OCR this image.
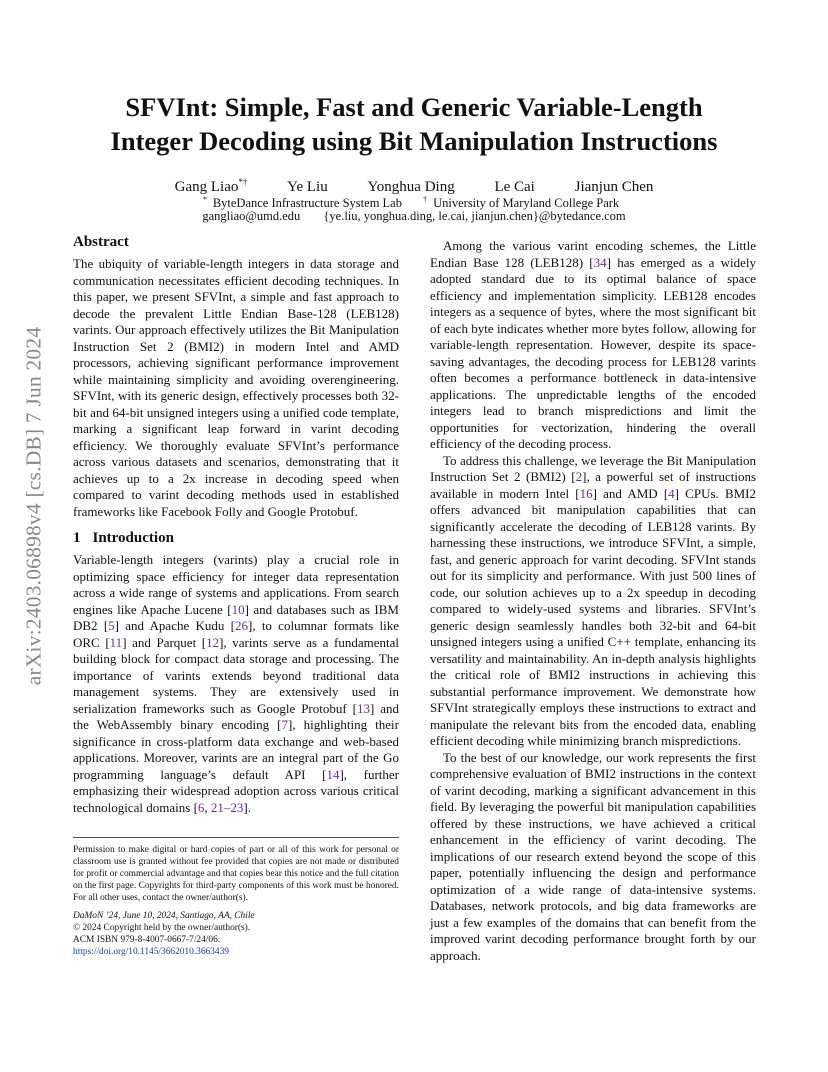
SFVInt: Simple, Fast and Generic Variable-Length
Integer Decoding using Bit Manipulation Instructions
Gang Liao*†	Ye Liu	Yonghua Ding	Le Cai	Jianjun Chen
* ByteDance Infrastructure System Lab	† University of Maryland College Park
gangliao@umd.edu {ye.liu, yonghua.ding, le.cai, jianjun.chen}@bytedance.com
arXiv:2403.06898v4 [cs.DB] 7 Jun 2024
Abstract

The ubiquity of variable-length integers in data storage and communication necessitates efficient decoding techniques. In this paper, we present SFVInt, a simple and fast approach to decode the prevalent Little Endian Base-128 (LEB128) varints. Our approach effectively utilizes the Bit Manipulation Instruction Set 2 (BMI2) in modern Intel and AMD processors, achieving significant performance improvement while maintaining simplicity and avoiding overengineering. SFVInt, with its generic design, effectively processes both 32-bit and 64-bit unsigned integers using a unified code template, marking a significant leap forward in varint decoding efficiency. We thoroughly evaluate SFVInt’s performance across various datasets and scenarios, demonstrating that it achieves up to a 2x increase in decoding speed when compared to varint decoding methods used in established frameworks like Facebook Folly and Google Protobuf.

1 Introduction

Variable-length integers (varints) play a crucial role in optimizing space efficiency for integer data representation across a wide range of systems and applications. From search engines like Apache Lucene [10] and databases such as IBM DB2 [5] and Apache Kudu [26], to columnar formats like ORC [11] and Parquet [12], varints serve as a fundamental building block for compact data storage and processing. The importance of varints extends beyond traditional data management systems. They are extensively used in serialization frameworks such as Google Protobuf [13] and the WebAssembly binary encoding [7], highlighting their significance in cross-platform data exchange and web-based applications. Moreover, varints are an integral part of the Go programming language’s default API [14], further emphasizing their widespread adoption across various critical technological domains [6, 21–23].

Permission to make digital or hard copies of part or all of this work for personal or classroom use is granted without fee provided that copies are not made or distributed for profit or commercial advantage and that copies bear this notice and the full citation on the first page. Copyrights for third-party components of this work must be honored. For all other uses, contact the owner/author(s).
DaMoN ’24, June 10, 2024, Santiago, AA, Chile
© 2024 Copyright held by the owner/author(s).
ACM ISBN 979-8-4007-0667-7/24/06.
https://doi.org/10.1145/3662010.3663439

Among the various varint encoding schemes, the Little Endian Base 128 (LEB128) [34] has emerged as a widely adopted standard due to its optimal balance of space efficiency and implementation simplicity. LEB128 encodes integers as a sequence of bytes, where the most significant bit of each byte indicates whether more bytes follow, allowing for variable-length representation. However, despite its space-saving advantages, the decoding process for LEB128 varints often becomes a performance bottleneck in data-intensive applications. The unpredictable lengths of the encoded integers lead to branch mispredictions and limit the opportunities for vectorization, hindering the overall efficiency of the decoding process.

To address this challenge, we leverage the Bit Manipulation Instruction Set 2 (BMI2) [2], a powerful set of instructions available in modern Intel [16] and AMD [4] CPUs. BMI2 offers advanced bit manipulation capabilities that can significantly accelerate the decoding of LEB128 varints. By harnessing these instructions, we introduce SFVInt, a simple, fast, and generic approach for varint decoding. SFVInt stands out for its simplicity and performance. With just 500 lines of code, our solution achieves up to a 2x speedup in decoding compared to widely-used systems and libraries. SFVInt’s generic design seamlessly handles both 32-bit and 64-bit unsigned integers using a unified C++ template, enhancing its versatility and maintainability. An in-depth analysis highlights the critical role of BMI2 instructions in achieving this substantial performance improvement. We demonstrate how SFVInt strategically employs these instructions to extract and manipulate the relevant bits from the encoded data, enabling efficient decoding while minimizing branch mispredictions.

To the best of our knowledge, our work represents the first comprehensive evaluation of BMI2 instructions in the context of varint decoding, marking a significant advancement in this field. By leveraging the powerful bit manipulation capabilities offered by these instructions, we have achieved a critical enhancement in the efficiency of varint decoding. The implications of our research extend beyond the scope of this paper, potentially influencing the design and performance optimization of a wide range of data-intensive systems. Databases, network protocols, and big data frameworks are just a few examples of the domains that can benefit from the improved varint decoding performance brought forth by our approach.
